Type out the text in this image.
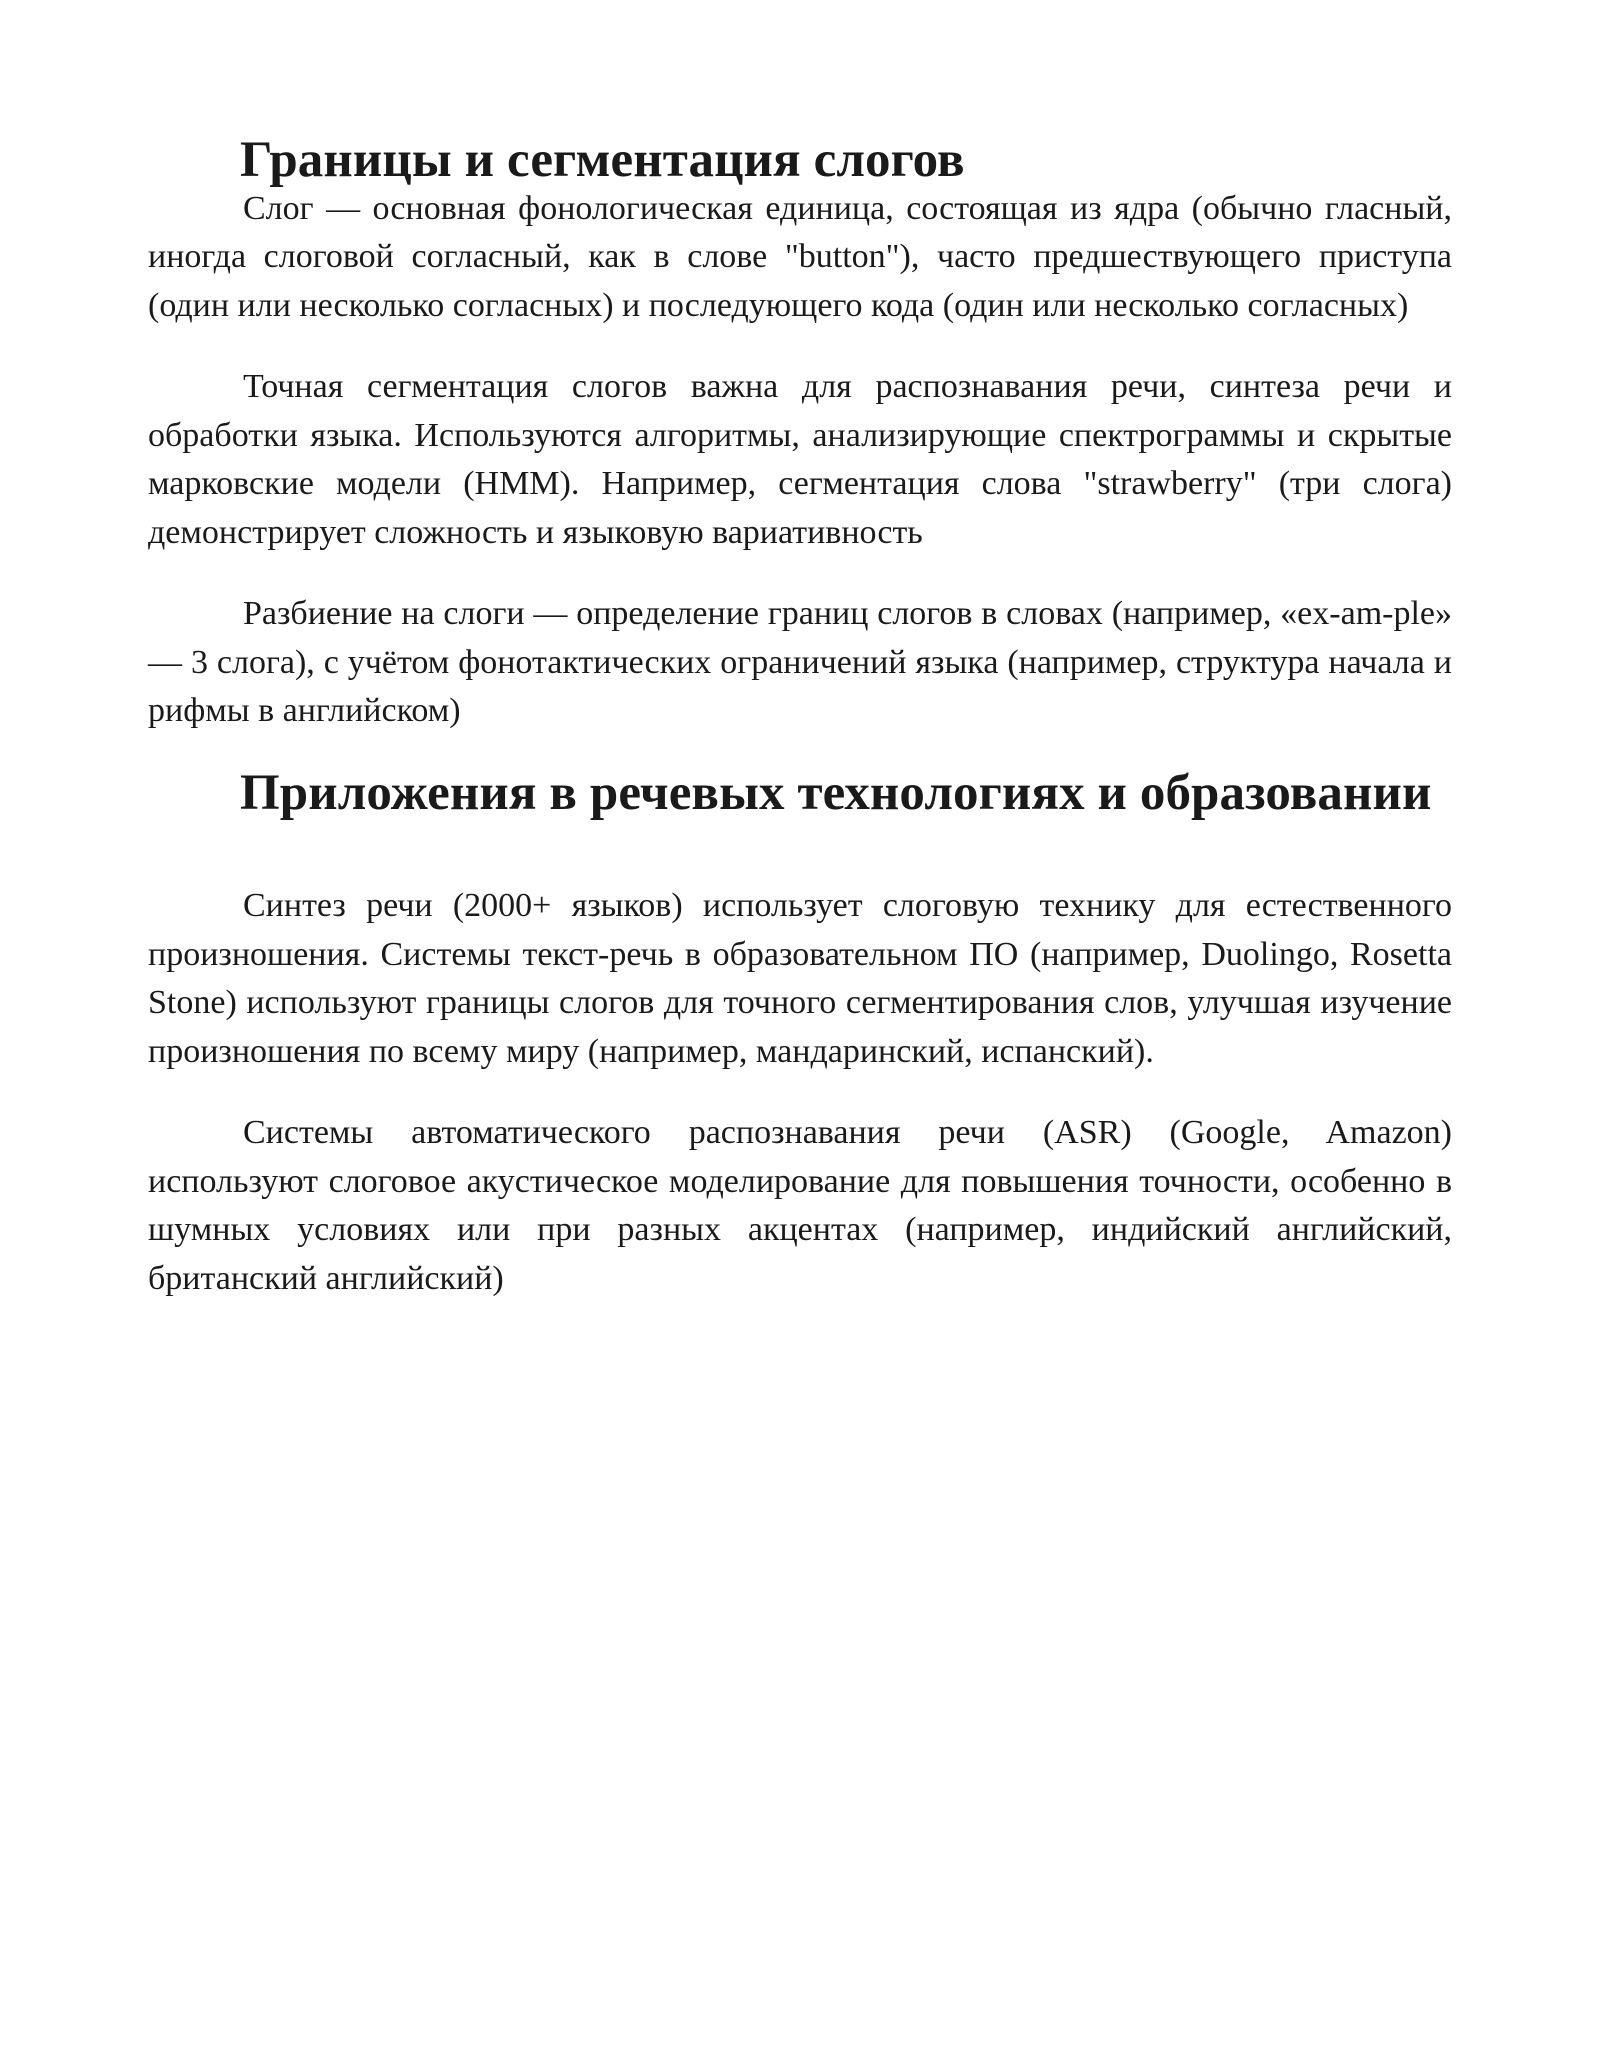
Границы и сегментация слогов

Слог — основная фонологическая единица, состоящая из ядра (обычно гласный, иногда слоговой согласный, как в слове "button"), часто предшествующего приступа (один или несколько согласных) и последующего кода (один или несколько согласных)

Точная сегментация слогов важна для распознавания речи, синтеза речи и обработки языка. Используются алгоритмы, анализирующие спектрограммы и скрытые марковские модели (HMM). Например, сегментация слова "strawberry" (три слога) демонстрирует сложность и языковую вариативность

Разбиение на слоги — определение границ слогов в словах (например, «ex-am-ple» — 3 слога), с учётом фонотактических ограничений языка (например, структура начала и рифмы в английском)

Приложения в речевых технологиях и образовании

Синтез речи (2000+ языков) использует слоговую технику для естественного произношения. Системы текст-речь в образовательном ПО (например, Duolingo, Rosetta Stone) используют границы слогов для точного сегментирования слов, улучшая изучение произношения по всему миру (например, мандаринский, испанский).

Системы автоматического распознавания речи (ASR) (Google, Amazon) используют слоговое акустическое моделирование для повышения точности, особенно в шумных условиях или при разных акцентах (например, индийский английский, британский английский)
